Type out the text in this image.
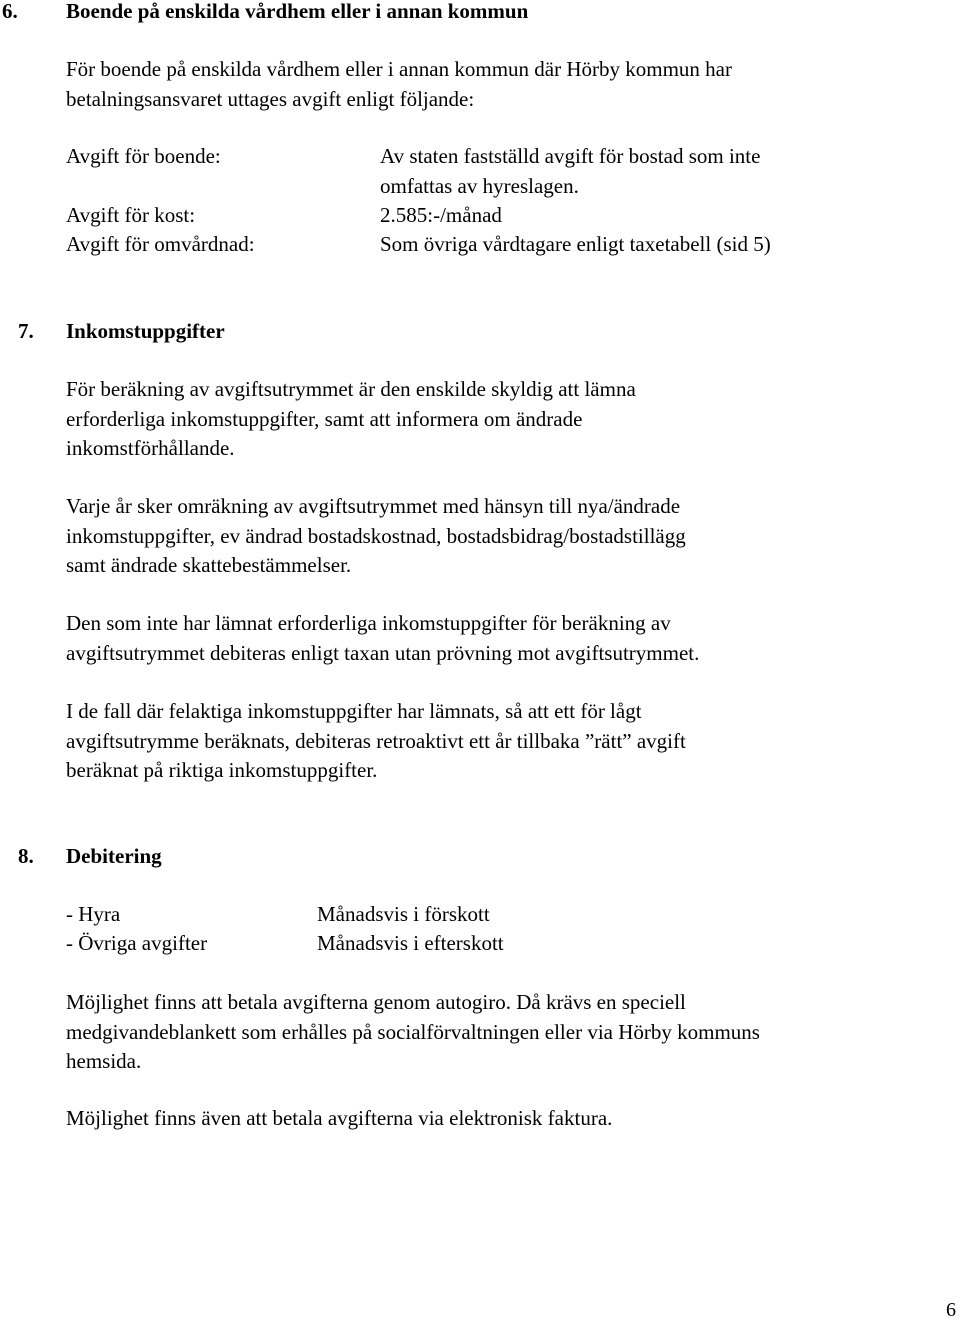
6. Boende på enskilda vårdhem eller i annan kommun
För boende på enskilda vårdhem eller i annan kommun där Hörby kommun har
betalningsansvaret uttages avgift enligt följande:
Avgift för boende:	Av staten fastställd avgift för bostad som inte
omfattas av hyreslagen.
Avgift för kost:	2.585:-/månad
Avgift för omvårdnad:	Som övriga vårdtagare enligt taxetabell (sid 5)
7. Inkomstuppgifter
För beräkning av avgiftsutrymmet är den enskilde skyldig att lämna
erforderliga inkomstuppgifter, samt att informera om ändrade
inkomstförhållande.
Varje år sker omräkning av avgiftsutrymmet med hänsyn till nya/ändrade
inkomstuppgifter, ev ändrad bostadskostnad, bostadsbidrag/bostadstillägg
samt ändrade skattebestämmelser.
Den som inte har lämnat erforderliga inkomstuppgifter för beräkning av
avgiftsutrymmet debiteras enligt taxan utan prövning mot avgiftsutrymmet.
I de fall där felaktiga inkomstuppgifter har lämnats, så att ett för lågt
avgiftsutrymme beräknats, debiteras retroaktivt ett år tillbaka ”rätt” avgift
beräknat på riktiga inkomstuppgifter.
8. Debitering
- Hyra	Månadsvis i förskott
- Övriga avgifter	Månadsvis i efterskott
Möjlighet finns att betala avgifterna genom autogiro. Då krävs en speciell
medgivandeblankett som erhålles på socialförvaltningen eller via Hörby kommuns
hemsida.
Möjlighet finns även att betala avgifterna via elektronisk faktura.
6
